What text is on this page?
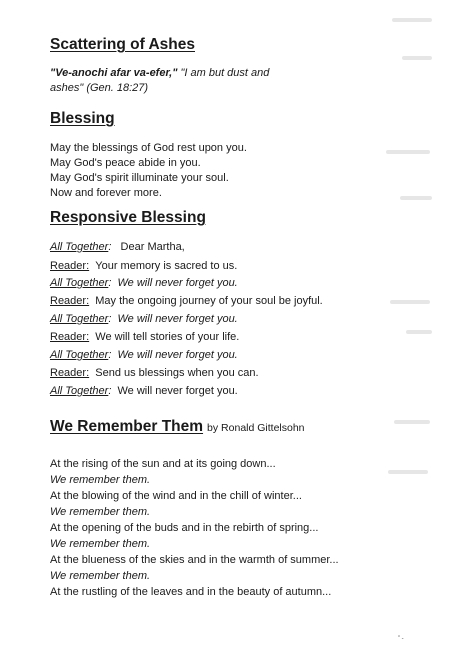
Scattering of Ashes
"Ve-anochi afar va-efer," "I am but dust and
ashes" (Gen. 18:27)
Blessing
May the blessings of God rest upon you.
May God's peace abide in you.
May God's spirit illuminate your soul.
Now and forever more.
Responsive Blessing
All Together: Dear Martha,
Reader: Your memory is sacred to us.
All Together: We will never forget you.
Reader: May the ongoing journey of your soul be joyful.
All Together: We will never forget you.
Reader: We will tell stories of your life.
All Together: We will never forget you.
Reader: Send us blessings when you can.
All Together: We will never forget you.
We Remember Them by Ronald Gittelsohn
At the rising of the sun and at its going down...
We remember them.
At the blowing of the wind and in the chill of winter...
We remember them.
At the opening of the buds and in the rebirth of spring...
We remember them.
At the blueness of the skies and in the warmth of summer...
We remember them.
At the rustling of the leaves and in the beauty of autumn...
” -
